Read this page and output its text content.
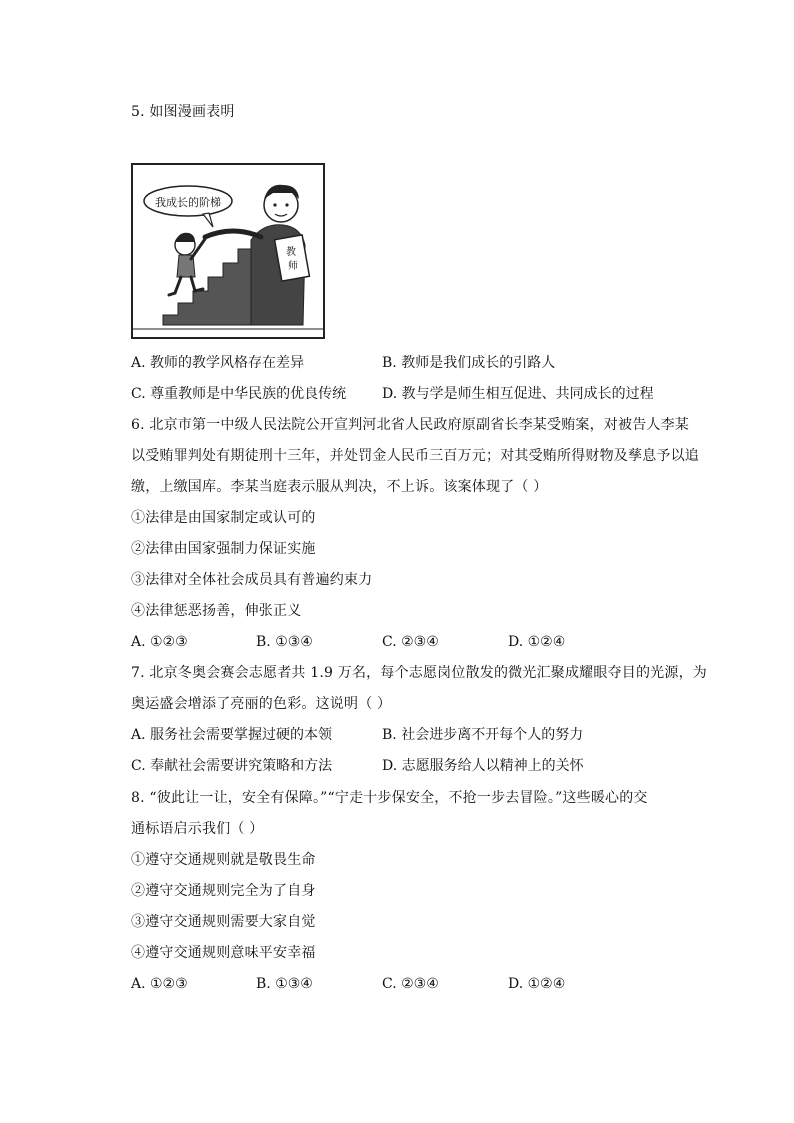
5. 如图漫画表明
我成长的阶梯
教
师
A. 教师的教学风格存在差异	B. 教师是我们成长的引路人
C. 尊重教师是中华民族的优良传统	D. 教与学是师生相互促进、共同成长的过程
6. 北京市第一中级人民法院公开宣判河北省人民政府原副省长李某受贿案，对被告人李某
以受贿罪判处有期徒刑十三年，并处罚金人民币三百万元；对其受贿所得财物及孳息予以追
缴，上缴国库。李某当庭表示服从判决，不上诉。该案体现了（ ）
①法律是由国家制定或认可的
②法律由国家强制力保证实施
③法律对全体社会成员具有普遍约束力
④法律惩恶扬善，伸张正义
A. ①②③	B. ①③④	C. ②③④	D. ①②④
7. 北京冬奥会赛会志愿者共 1.9 万名，每个志愿岗位散发的微光汇聚成耀眼夺目的光源，为
奥运盛会增添了亮丽的色彩。这说明（ ）
A. 服务社会需要掌握过硬的本领	B. 社会进步离不开每个人的努力
C. 奉献社会需要讲究策略和方法	D. 志愿服务给人以精神上的关怀
8. “彼此让一让，安全有保障。”“宁走十步保安全，不抢一步去冒险。”这些暖心的交
通标语启示我们（ ）
①遵守交通规则就是敬畏生命
②遵守交通规则完全为了自身
③遵守交通规则需要大家自觉
④遵守交通规则意味平安幸福
A. ①②③	B. ①③④	C. ②③④	D. ①②④
